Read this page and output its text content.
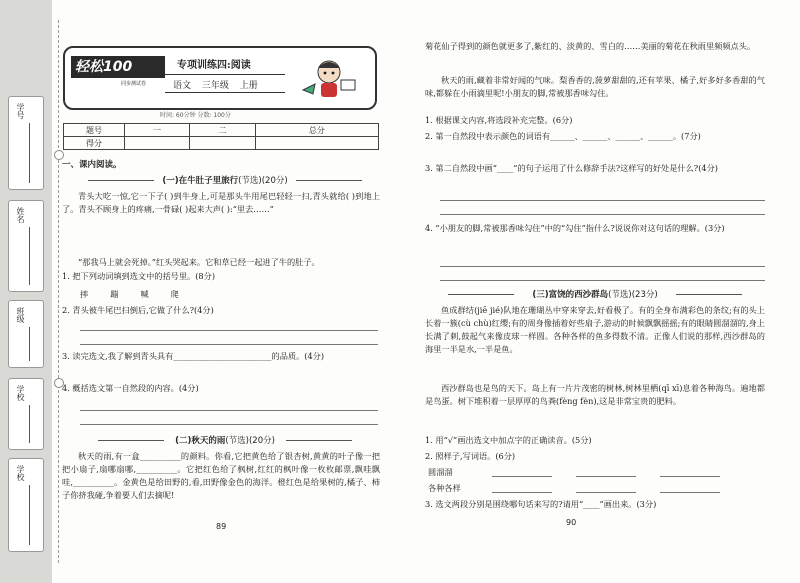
学号
姓名
班级
学校
学校
轻松100
同步测试卷
专项训练四:阅读
语文 三年级 上册
时间: 60分钟 分数: 100分
题号	一	二	总分
得分			
一、课内阅读。
(一)在牛肚子里旅行(节选)(20分)
青头大吃一惊,它一下子( )到牛身上,可是那头牛用尾巴轻轻一扫,青头就给( )到地上了。青头不顾身上的疼痛,一骨碌( )起来大声( ):“里去……”
“那我马上就会死掉。”红头哭起来。它和草已经一起进了牛的肚子。
1. 把下列动词填到选文中的括号里。(8分)
摔	蹦	喊	爬
2. 青头被牛尾巴扫倒后,它做了什么?(4分)
3. 读完选文,我了解到青头具有________________________的品质。(4分)
4. 概括选文第一自然段的内容。(4分)
(二)秋天的雨(节选)(20分)
秋天的雨,有一盒__________的颜料。你看,它把黄色给了银杏树,黄黄的叶子像一把把小扇子,扇哪扇哪,__________。它把红色给了枫树,红红的枫叶像一枚枚邮票,飘哇飘哇,__________。金黄色是给田野的,看,田野像金色的海洋。橙红色是给果树的,橘子、柿子你挤我碰,争着要人们去摘呢!
89
菊花仙子得到的颜色就更多了,紫红的、淡黄的、雪白的……美丽的菊花在秋雨里频频点头。
秋天的雨,藏着非常好闻的气味。梨香香的,菠萝甜甜的,还有苹果、橘子,好多好多香甜的气味,都躲在小雨滴里呢!小朋友的脚,常被那香味勾住。
1. 根据课文内容,将选段补充完整。(6分)
2. 第一自然段中表示颜色的词语有______、______、______、______。(7分)
3. 第二自然段中画“____”的句子运用了什么修辞手法?这样写的好处是什么?(4分)
4. “小朋友的脚,常被那香味勾住”中的“勾住”指什么?说说你对这句话的理解。(3分)
(三)富饶的西沙群岛(节选)(23分)
鱼成群结(jiē jié)队地在珊瑚丛中穿来穿去,好看极了。有的全身布满彩色的条纹;有的头上长着一簇(cù chù)红缨;有的周身像插着好些扇子,游动的时候飘飘摇摇;有的眼睛圆溜溜的,身上长满了刺,鼓起气来像皮球一样圆。各种各样的鱼多得数不清。正像人们说的那样,西沙群岛的海里一半是水,一半是鱼。
西沙群岛也是鸟的天下。岛上有一片片茂密的树林,树林里栖(qī xī)息着各种海鸟。遍地都是鸟蛋。树下堆积着一层厚厚的鸟粪(fèng fèn),这是非常宝贵的肥料。
1. 用“√”画出选文中加点字的正确读音。(5分)
2. 照样子,写词语。(6分)
圆溜溜
各种各样
3. 选文两段分别是围绕哪句话来写的?请用“____”画出来。(3分)
90
